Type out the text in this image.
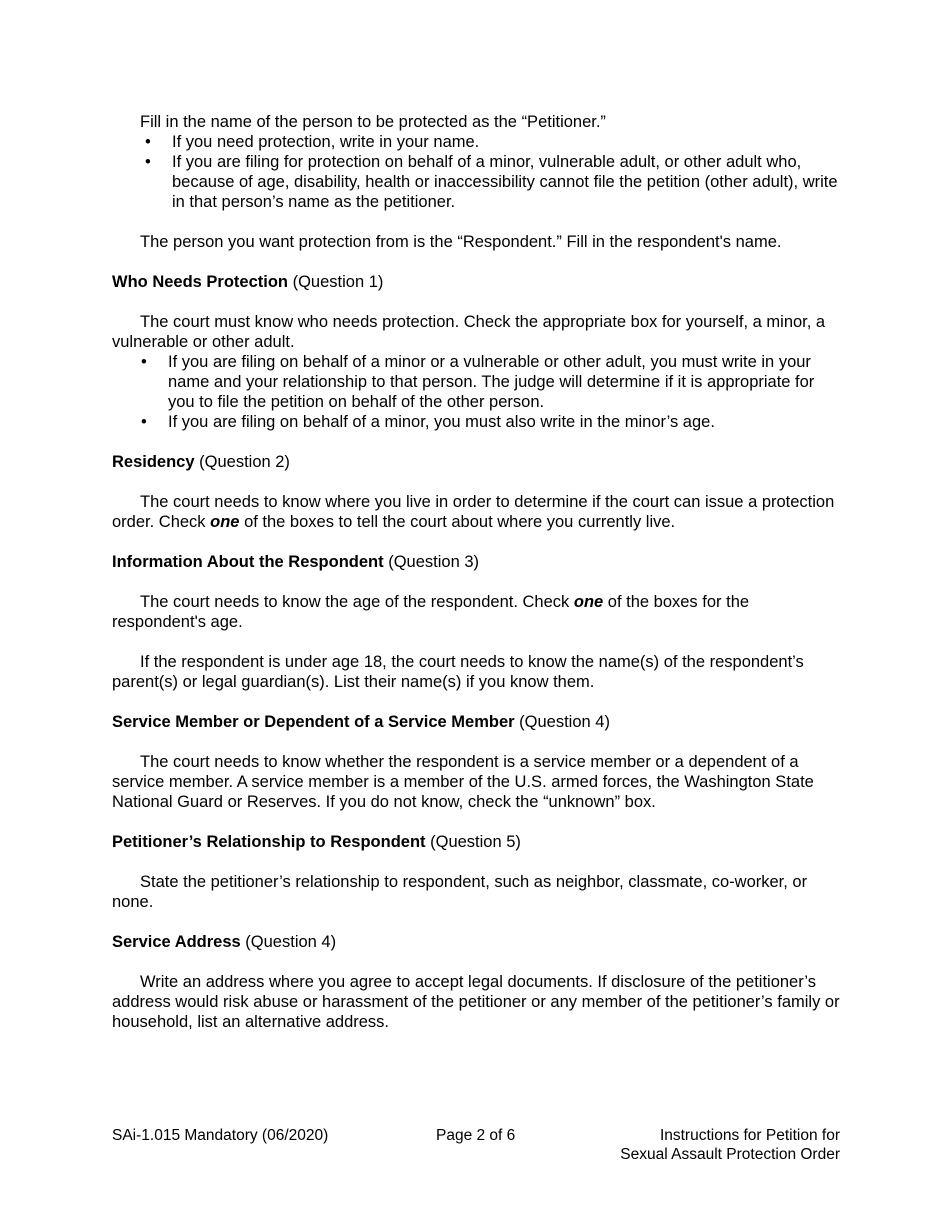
Fill in the name of the person to be protected as the “Petitioner.”

• If you need protection, write in your name.
• If you are filing for protection on behalf of a minor, vulnerable adult, or other adult who, because of age, disability, health or inaccessibility cannot file the petition (other adult), write in that person’s name as the petitioner.

The person you want protection from is the “Respondent.” Fill in the respondent's name.

Who Needs Protection (Question 1)

The court must know who needs protection. Check the appropriate box for yourself, a minor, a vulnerable or other adult.

• If you are filing on behalf of a minor or a vulnerable or other adult, you must write in your name and your relationship to that person. The judge will determine if it is appropriate for you to file the petition on behalf of the other person.
• If you are filing on behalf of a minor, you must also write in the minor’s age.

Residency (Question 2)

The court needs to know where you live in order to determine if the court can issue a protection order. Check one of the boxes to tell the court about where you currently live.

Information About the Respondent (Question 3)

The court needs to know the age of the respondent. Check one of the boxes for the respondent's age.

If the respondent is under age 18, the court needs to know the name(s) of the respondent’s parent(s) or legal guardian(s). List their name(s) if you know them.

Service Member or Dependent of a Service Member (Question 4)

The court needs to know whether the respondent is a service member or a dependent of a service member. A service member is a member of the U.S. armed forces, the Washington State National Guard or Reserves. If you do not know, check the “unknown” box.

Petitioner’s Relationship to Respondent (Question 5)

State the petitioner’s relationship to respondent, such as neighbor, classmate, co-worker, or none.

Service Address (Question 4)

Write an address where you agree to accept legal documents. If disclosure of the petitioner’s address would risk abuse or harassment of the petitioner or any member of the petitioner’s family or household, list an alternative address.

SAi-1.015 Mandatory (06/2020)	Page 2 of 6	Instructions for Petition for
Sexual Assault Protection Order
